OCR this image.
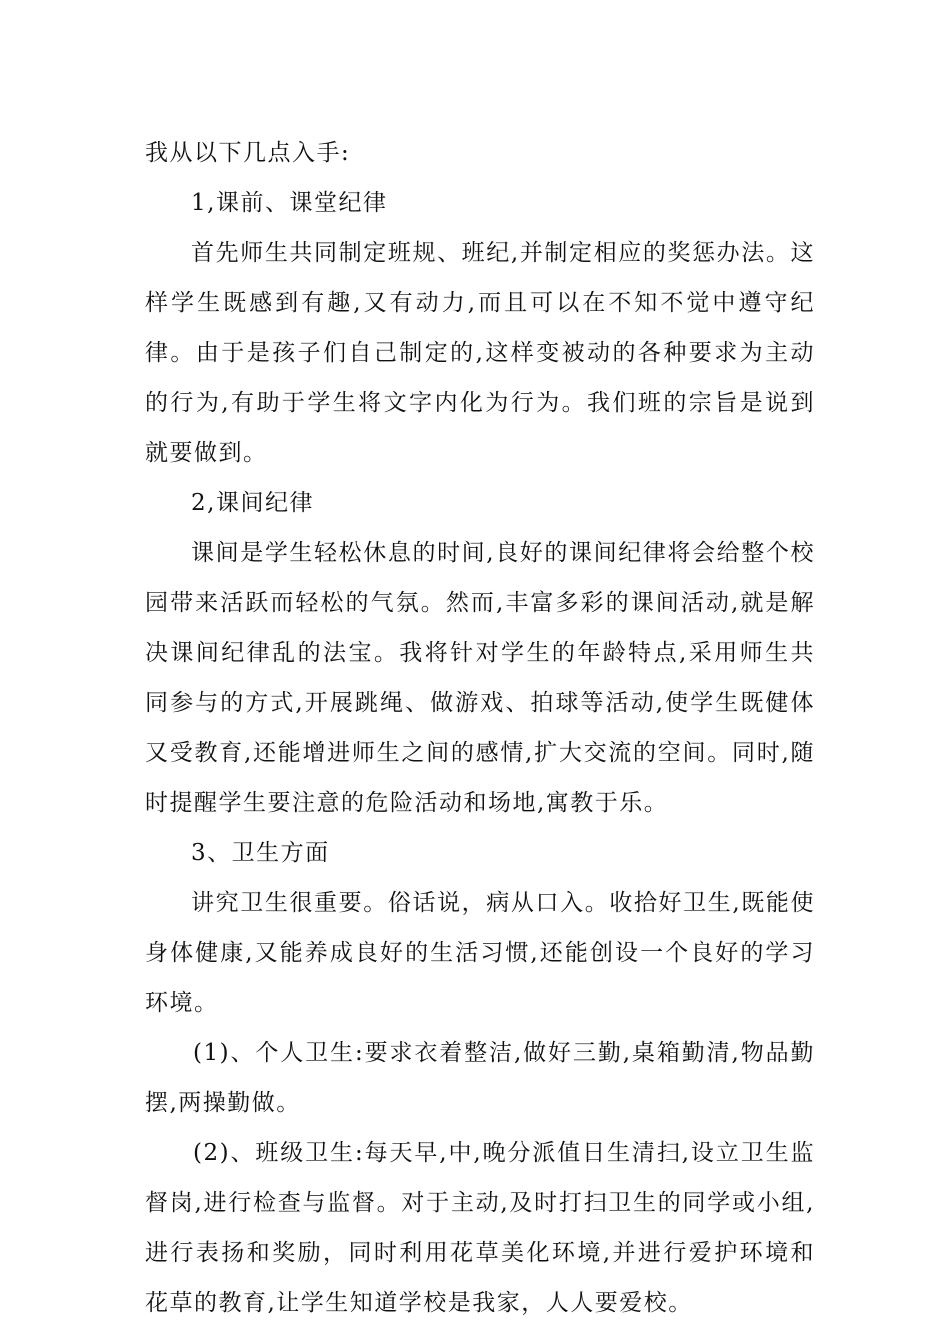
我从以下几点入手:

1,课前、课堂纪律

首先师生共同制定班规、班纪,并制定相应的奖惩办法。这样学生既感到有趣,又有动力,而且可以在不知不觉中遵守纪律。由于是孩子们自己制定的,这样变被动的各种要求为主动的行为,有助于学生将文字内化为行为。我们班的宗旨是说到就要做到。

2,课间纪律

课间是学生轻松休息的时间,良好的课间纪律将会给整个校园带来活跃而轻松的气氛。然而,丰富多彩的课间活动,就是解决课间纪律乱的法宝。我将针对学生的年龄特点,采用师生共同参与的方式,开展跳绳、做游戏、拍球等活动,使学生既健体又受教育,还能增进师生之间的感情,扩大交流的空间。同时,随时提醒学生要注意的危险活动和场地,寓教于乐。

3、卫生方面

讲究卫生很重要。俗话说，病从口入。收拾好卫生,既能使身体健康,又能养成良好的生活习惯,还能创设一个良好的学习环境。

(1)、个人卫生:要求衣着整洁,做好三勤,桌箱勤清,物品勤摆,两操勤做。

(2)、班级卫生:每天早,中,晚分派值日生清扫,设立卫生监督岗,进行检查与监督。对于主动,及时打扫卫生的同学或小组,进行表扬和奖励，同时利用花草美化环境,并进行爱护环境和花草的教育,让学生知道学校是我家，人人要爱校。
